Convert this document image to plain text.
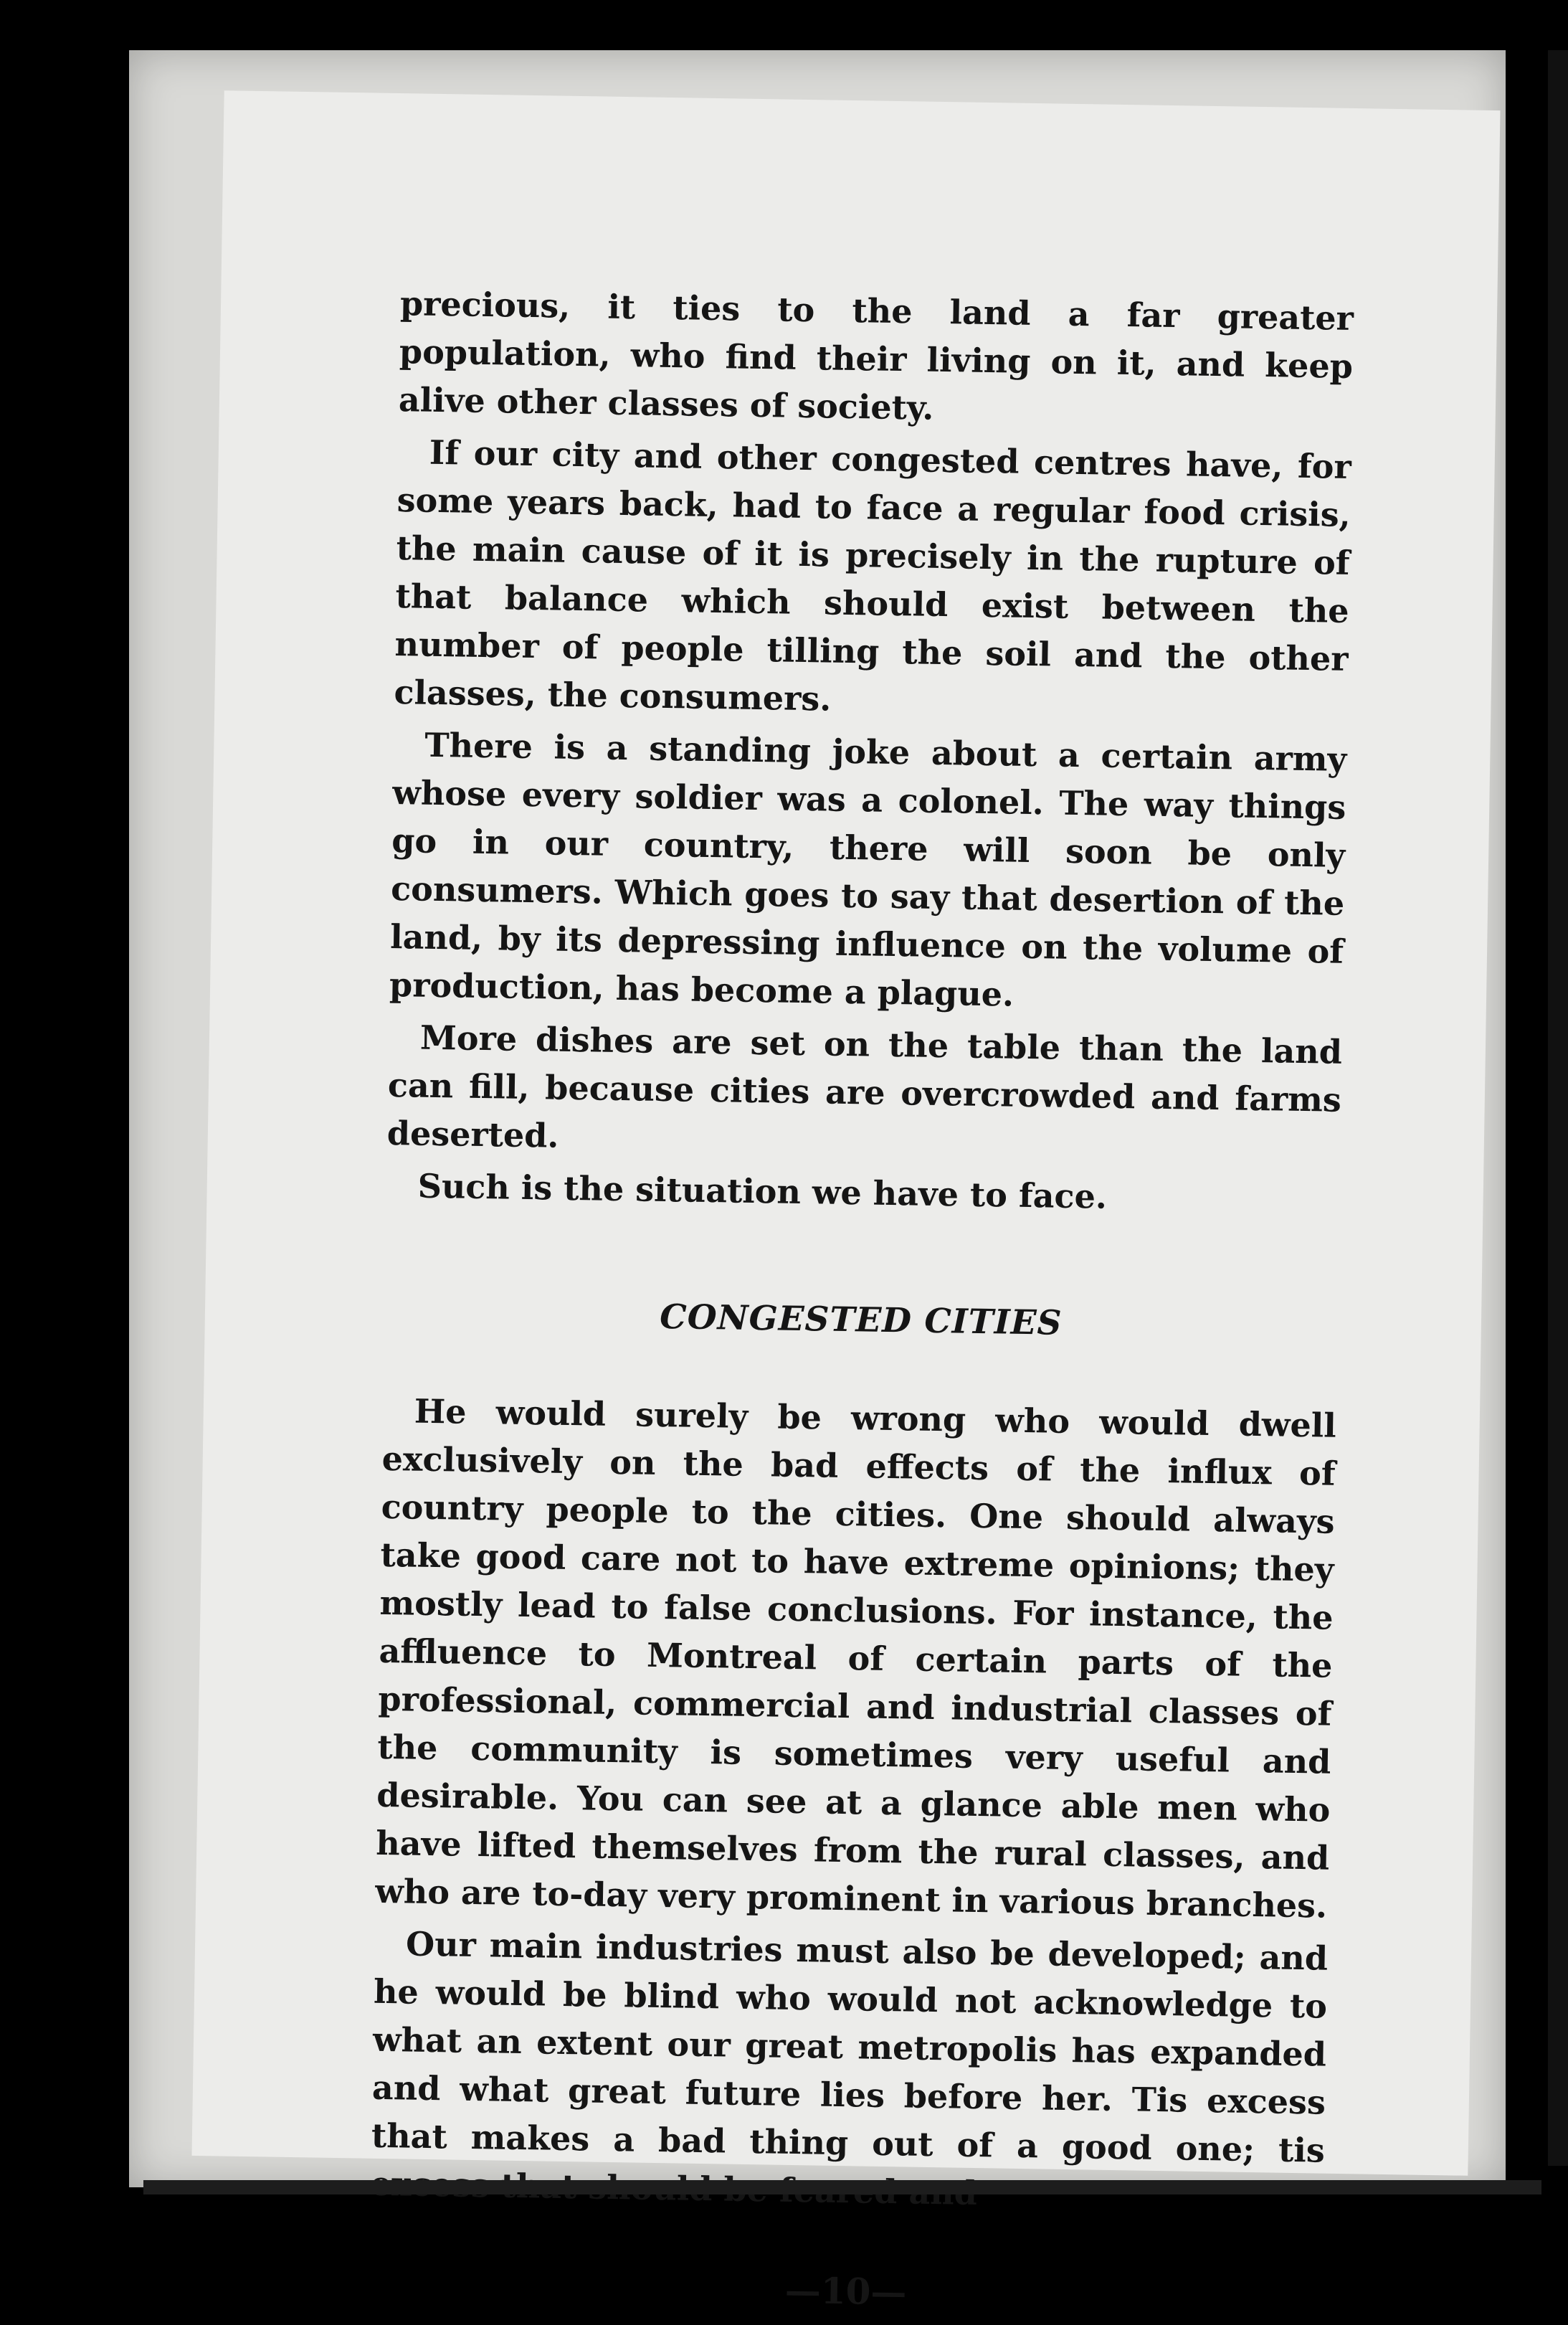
precious, it ties to the land a far greater population, who find their living on it, and keep alive other classes of society.

If our city and other congested centres have, for some years back, had to face a regular food crisis, the main cause of it is precisely in the rupture of that balance which should exist between the number of people tilling the soil and the other classes, the consumers.

There is a standing joke about a certain army whose every soldier was a colonel. The way things go in our country, there will soon be only consumers. Which goes to say that desertion of the land, by its depressing influence on the volume of production, has become a plague.

More dishes are set on the table than the land can fill, because cities are overcrowded and farms deserted.

Such is the situation we have to face.

CONGESTED CITIES

He would surely be wrong who would dwell exclusively on the bad effects of the influx of country people to the cities. One should always take good care not to have extreme opinions; they mostly lead to false conclusions. For instance, the affluence to Montreal of certain parts of the professional, commercial and industrial classes of the community is sometimes very useful and desirable. You can see at a glance able men who have lifted themselves from the rural classes, and who are to-day very prominent in various branches.

Our main industries must also be developed; and he would be blind who would not acknowledge to what an extent our great metropolis has expanded and what great future lies before her. Tis excess that makes a bad thing out of a good one; tis

—10—
